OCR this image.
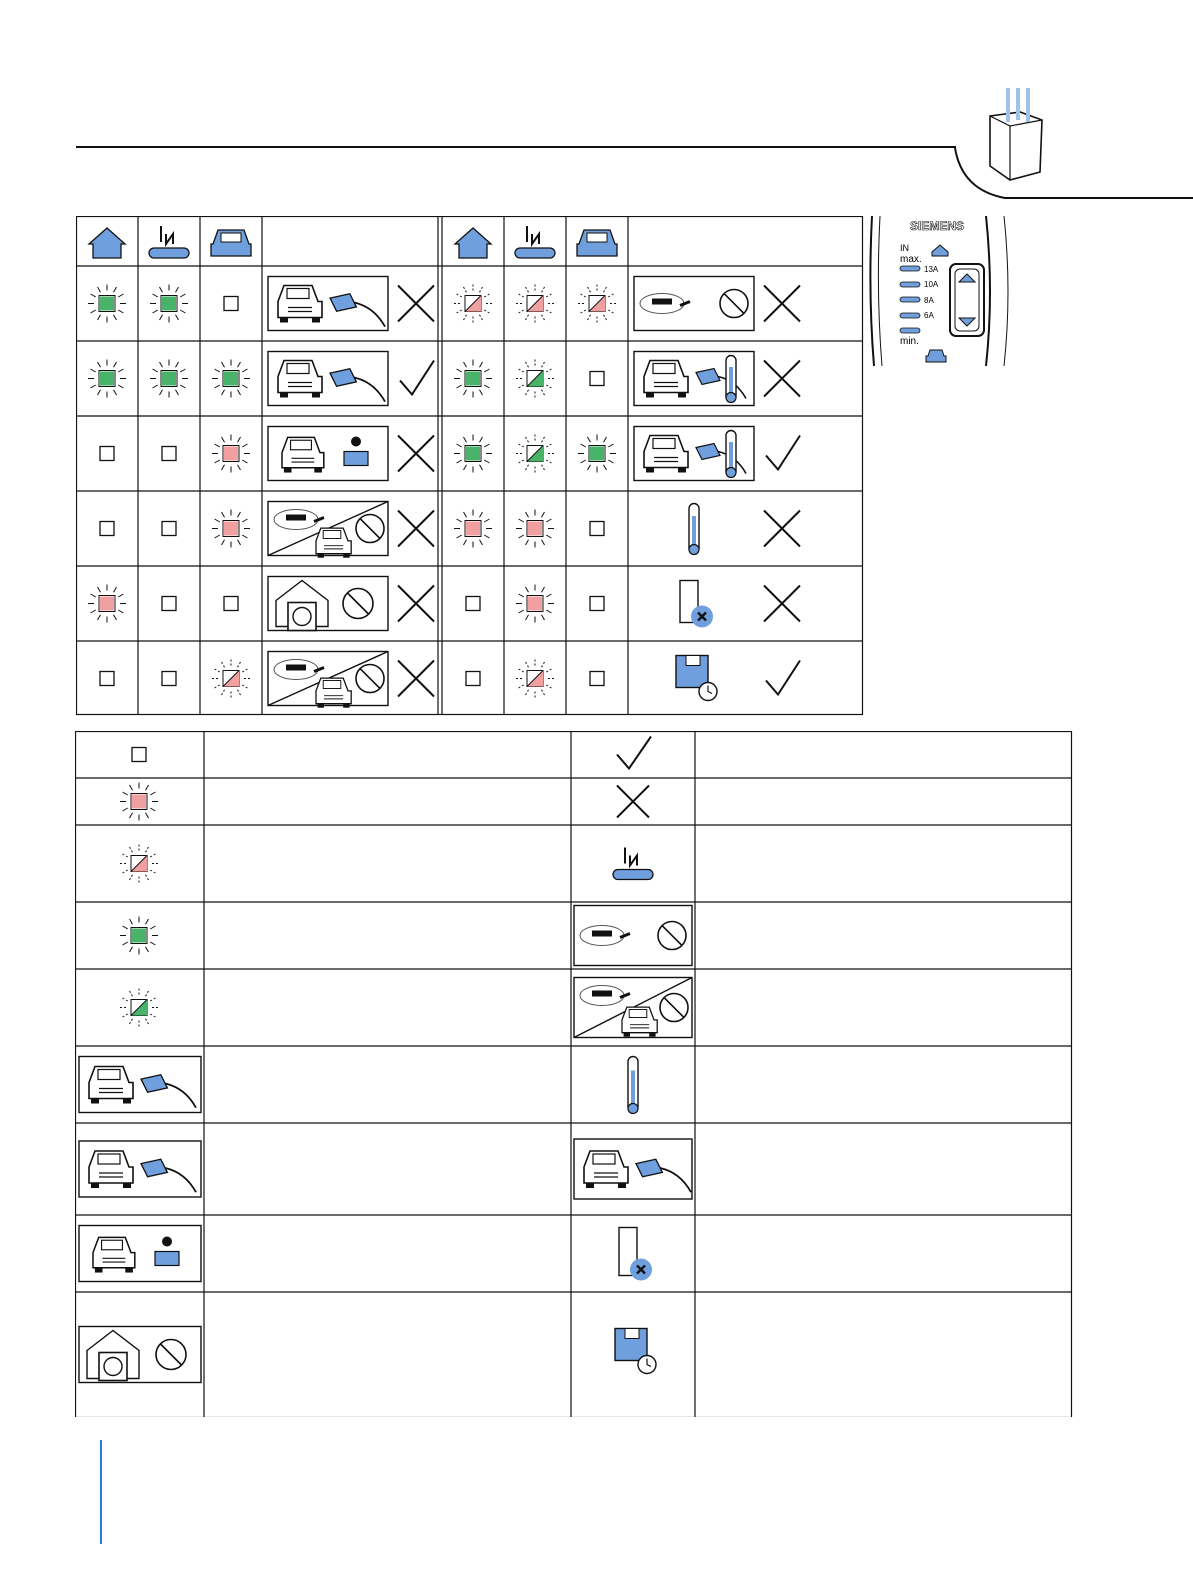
SIEMENS
IN
max.
13A
10A
8A
6A
min.
